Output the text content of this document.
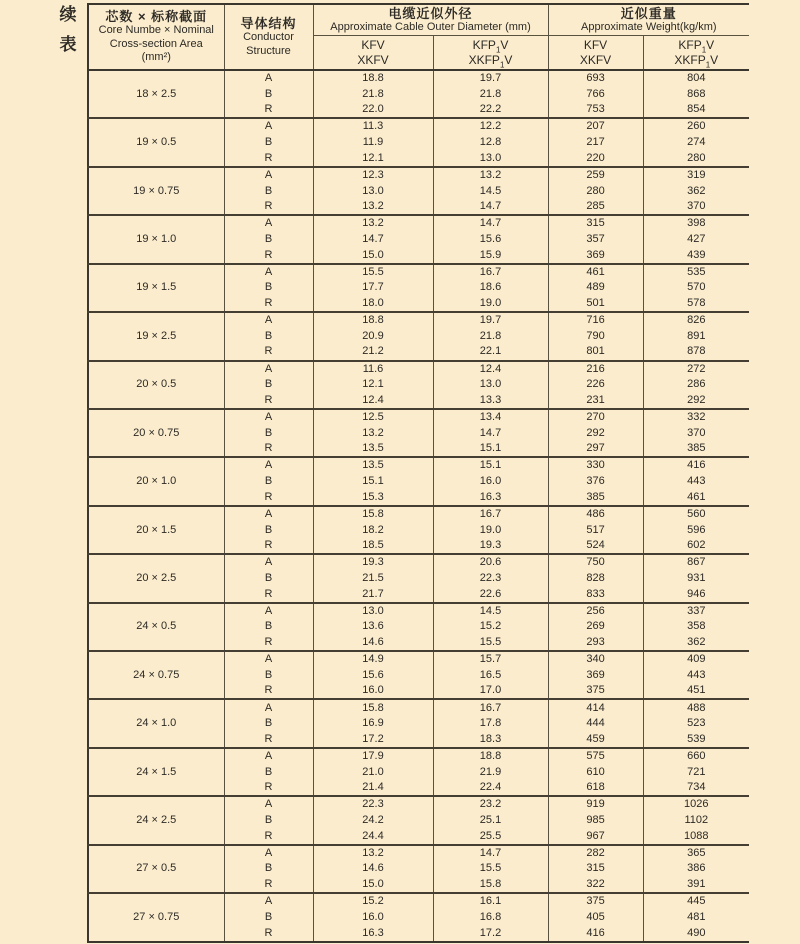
续
表
芯数 × 标称截面
Core Numbe × Nominal
Cross-section Area
(mm²)

导体结构
Conductor
Structure

电缆近似外径
Approximate Cable Outer Diameter (mm)

近似重量
Approximate Weight(kg/km)

KFV
XKFV

$KFP_1V$
$XKFP_1V$

KFV
XKFV

$KFP_1V$
$XKFP_1V$

18 × 2.5	A	18.8	19.7	693	804
	B	21.8	21.8	766	868
	R	22.0	22.2	753	854
19 × 0.5	A	11.3	12.2	207	260
	B	11.9	12.8	217	274
	R	12.1	13.0	220	280
19 × 0.75	A	12.3	13.2	259	319
	B	13.0	14.5	280	362
	R	13.2	14.7	285	370
19 × 1.0	A	13.2	14.7	315	398
	B	14.7	15.6	357	427
	R	15.0	15.9	369	439
19 × 1.5	A	15.5	16.7	461	535
	B	17.7	18.6	489	570
	R	18.0	19.0	501	578
19 × 2.5	A	18.8	19.7	716	826
	B	20.9	21.8	790	891
	R	21.2	22.1	801	878
20 × 0.5	A	11.6	12.4	216	272
	B	12.1	13.0	226	286
	R	12.4	13.3	231	292
20 × 0.75	A	12.5	13.4	270	332
	B	13.2	14.7	292	370
	R	13.5	15.1	297	385
20 × 1.0	A	13.5	15.1	330	416
	B	15.1	16.0	376	443
	R	15.3	16.3	385	461
20 × 1.5	A	15.8	16.7	486	560
	B	18.2	19.0	517	596
	R	18.5	19.3	524	602
20 × 2.5	A	19.3	20.6	750	867
	B	21.5	22.3	828	931
	R	21.7	22.6	833	946
24 × 0.5	A	13.0	14.5	256	337
	B	13.6	15.2	269	358
	R	14.6	15.5	293	362
24 × 0.75	A	14.9	15.7	340	409
	B	15.6	16.5	369	443
	R	16.0	17.0	375	451
24 × 1.0	A	15.8	16.7	414	488
	B	16.9	17.8	444	523
	R	17.2	18.3	459	539
24 × 1.5	A	17.9	18.8	575	660
	B	21.0	21.9	610	721
	R	21.4	22.4	618	734
24 × 2.5	A	22.3	23.2	919	1026
	B	24.2	25.1	985	1102
	R	24.4	25.5	967	1088
27 × 0.5	A	13.2	14.7	282	365
	B	14.6	15.5	315	386
	R	15.0	15.8	322	391
27 × 0.75	A	15.2	16.1	375	445
	B	16.0	16.8	405	481
	R	16.3	17.2	416	490
